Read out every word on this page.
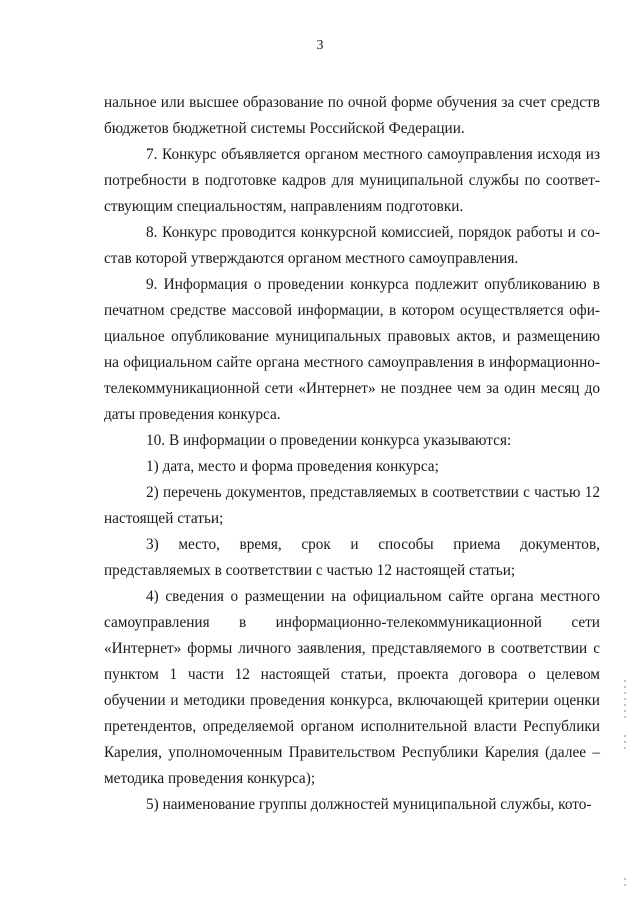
3

нальное или высшее образование по очной форме обучения за счет средств бюджетов бюджетной системы Российской Федерации.

7. Конкурс объявляется органом местного самоуправления исходя из потребности в подготовке кадров для муниципальной службы по соответствующим специальностям, направлениям подготовки.

8. Конкурс проводится конкурсной комиссией, порядок работы и состав которой утверждаются органом местного самоуправления.

9. Информация о проведении конкурса подлежит опубликованию в печатном средстве массовой информации, в котором осуществляется официальное опубликование муниципальных правовых актов, и размещению на официальном сайте органа местного самоуправления в информационно-телекоммуникационной сети «Интернет» не позднее чем за один месяц до даты проведения конкурса.

10. В информации о проведении конкурса указываются:

1) дата, место и форма проведения конкурса;

2) перечень документов, представляемых в соответствии с частью 12 настоящей статьи;

3) место, время, срок и способы приема документов, представляемых в соответствии с частью 12 настоящей статьи;

4) сведения о размещении на официальном сайте органа местного самоуправления в информационно-телекоммуникационной сети «Интернет» формы личного заявления, представляемого в соответствии с пунктом 1 части 12 настоящей статьи, проекта договора о целевом обучении и методики проведения конкурса, включающей критерии оценки претендентов, определяемой органом исполнительной власти Республики Карелия, уполномоченным Правительством Республики Карелия (далее – методика проведения конкурса);

5) наименование группы должностей муниципальной службы, кото-
